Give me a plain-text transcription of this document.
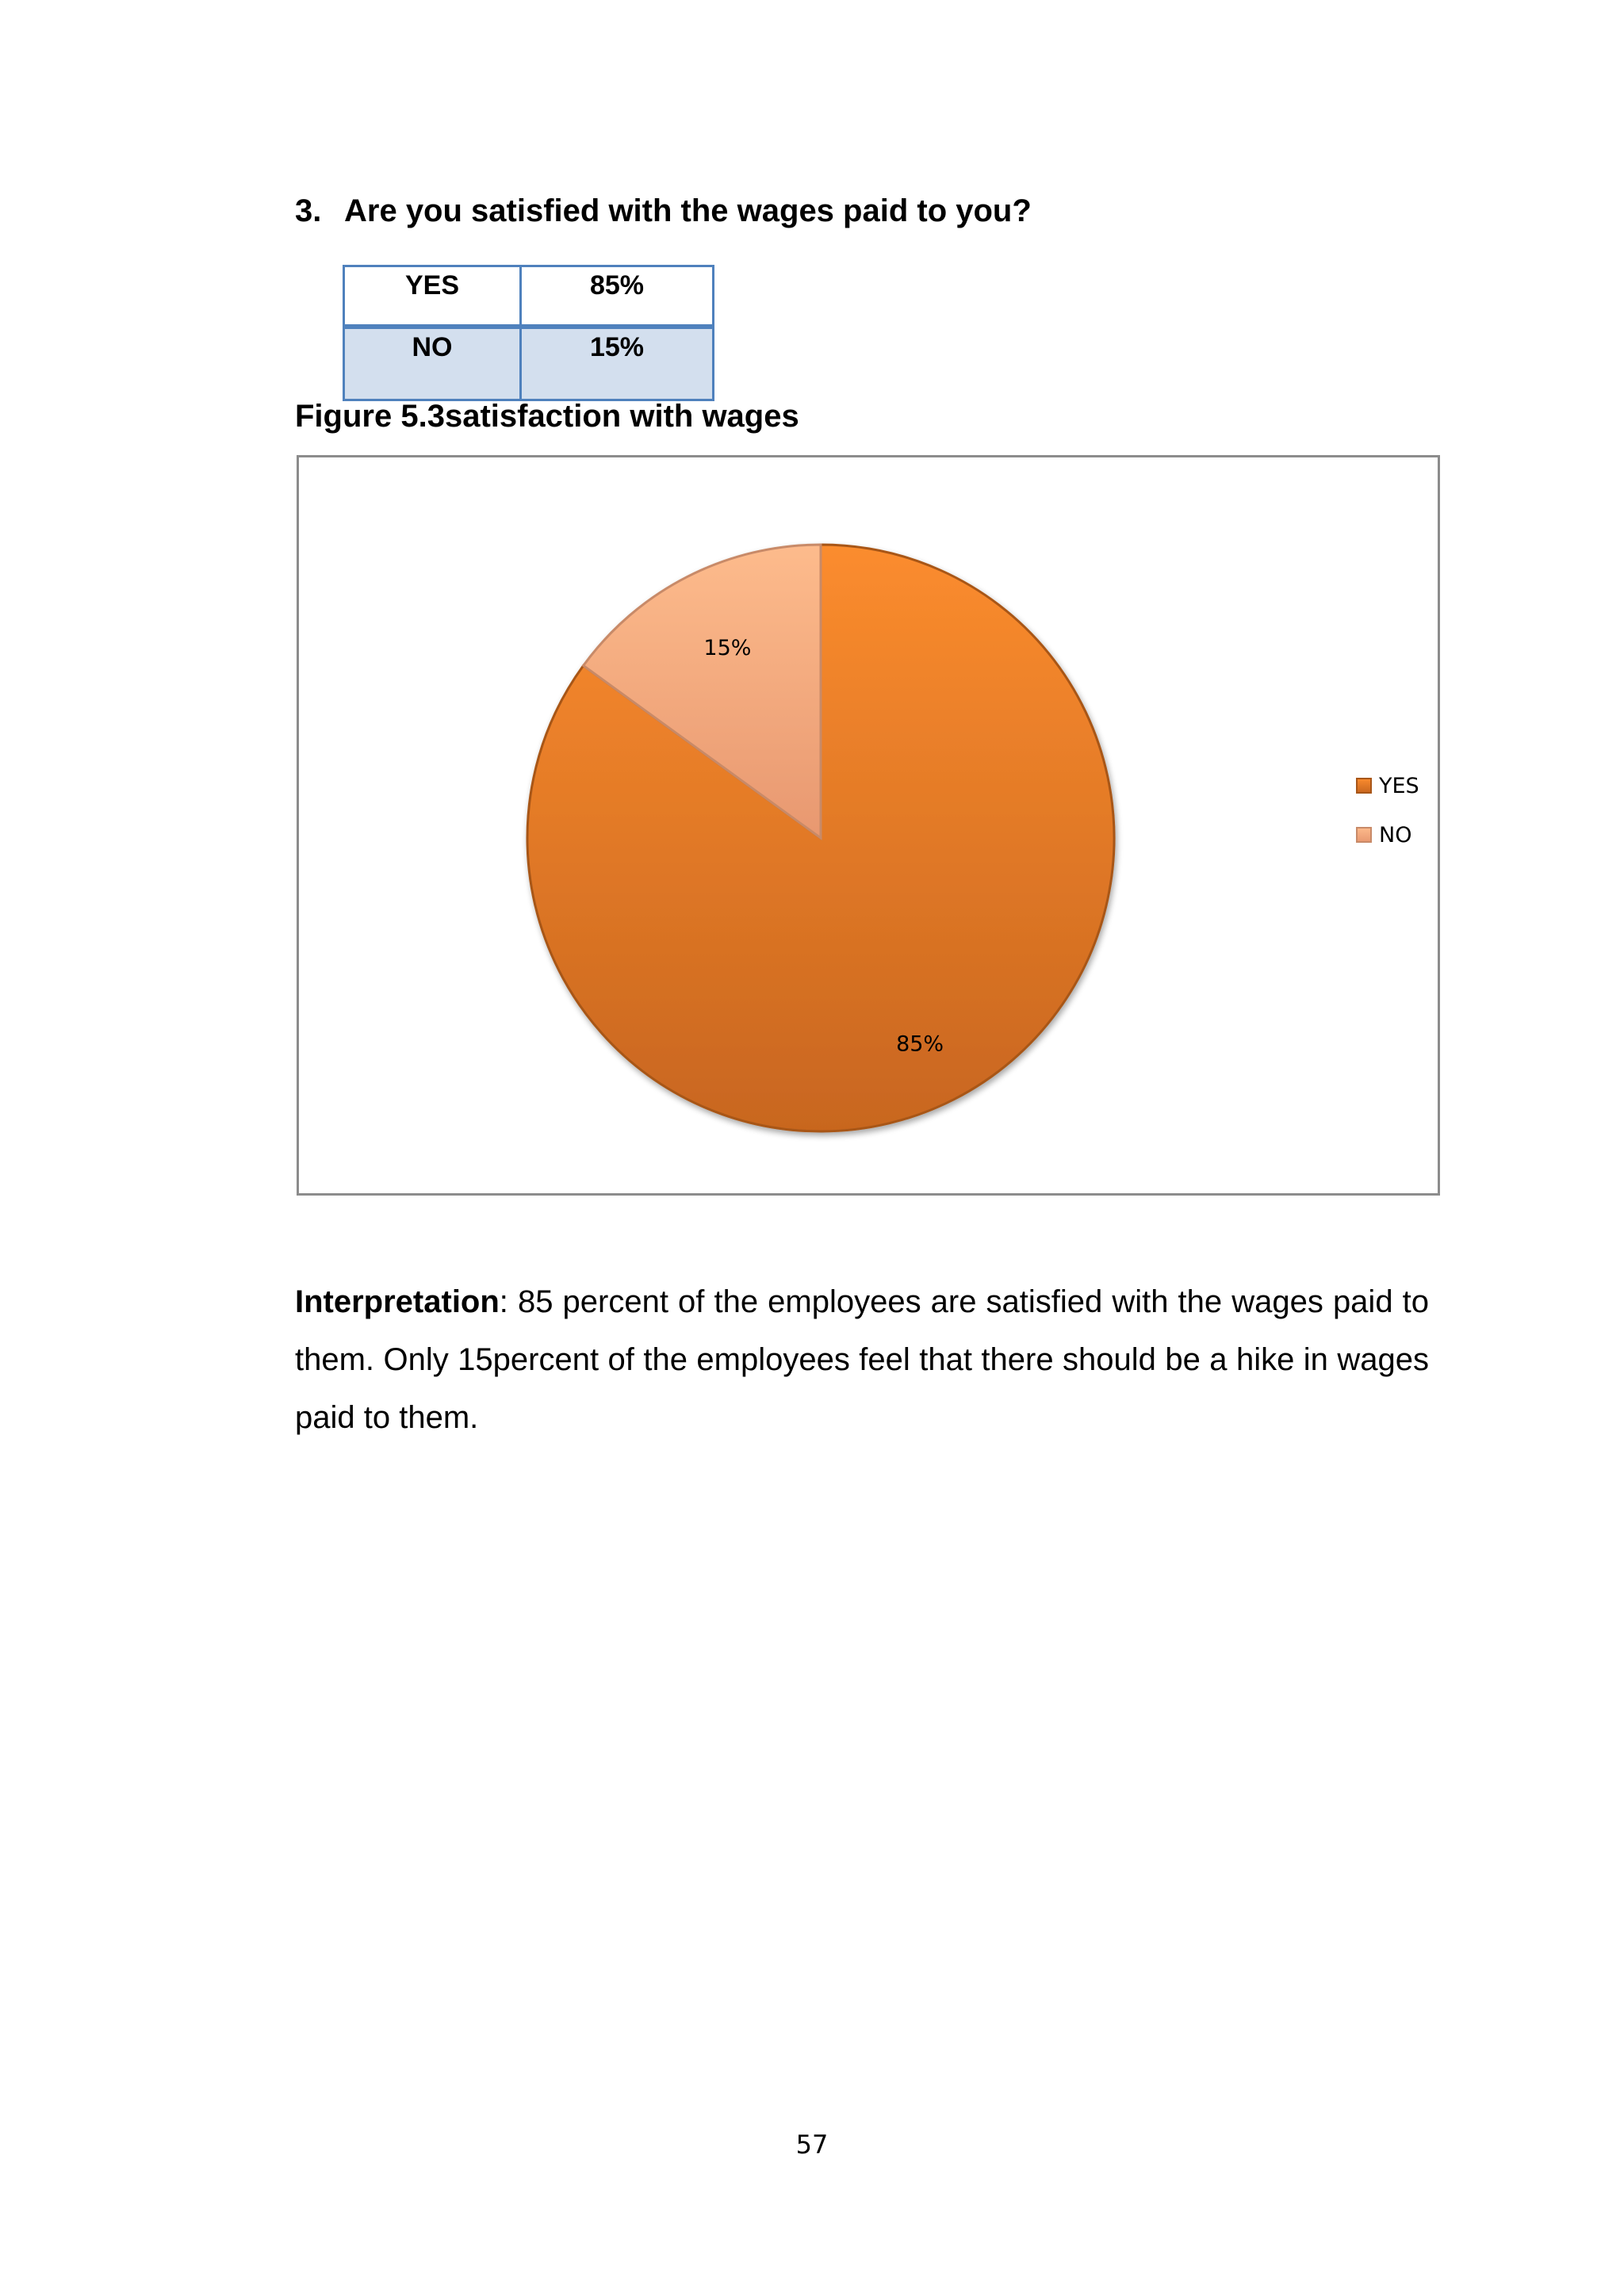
3. Are you satisfied with the wages paid to you?
YES	85%
NO	15%

Figure 5.3satisfaction with wages

85%
15%
YES
NO

Interpretation: 85 percent of the employees are satisfied with the wages paid to them. Only 15percent of the employees feel that there should be a hike in wages paid to them.

57
